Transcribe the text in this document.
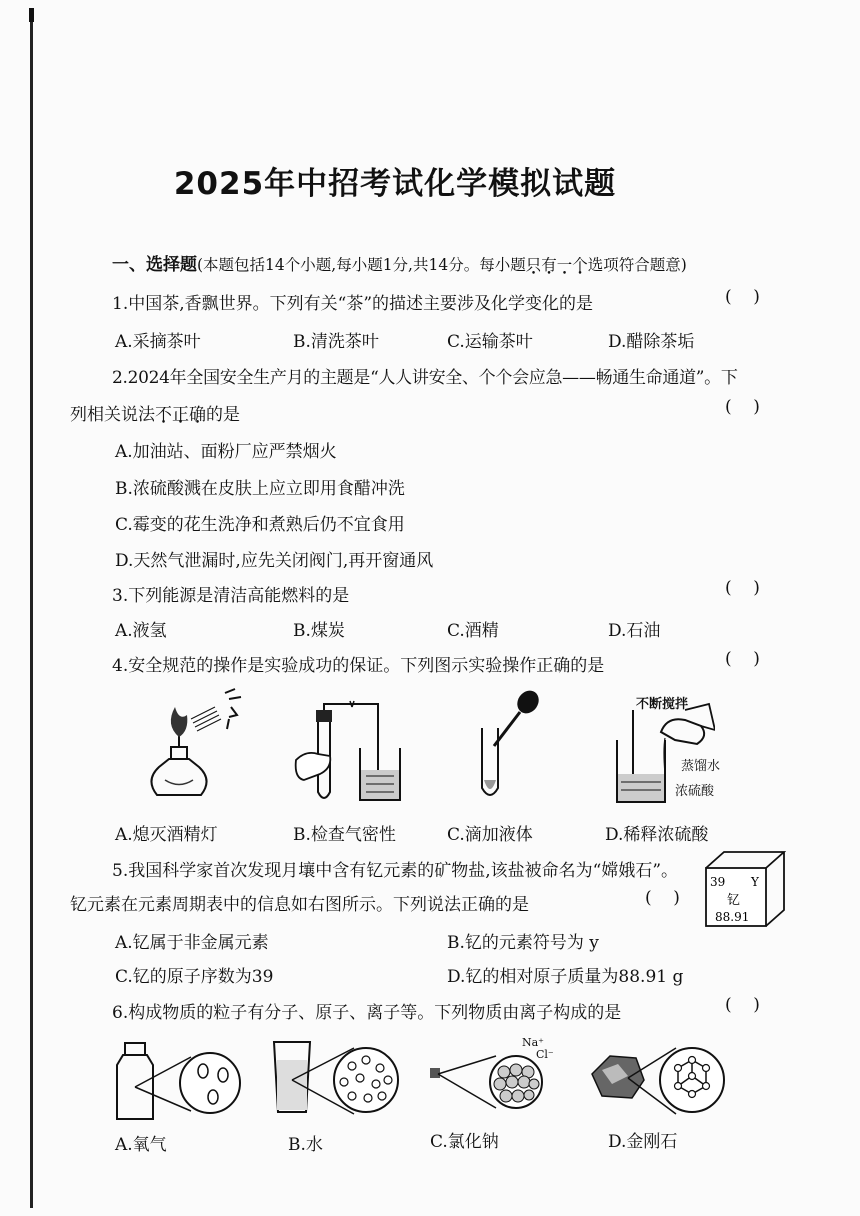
2025年中招考试化学模拟试题
一、选择题(本题包括14个小题,每小题1分,共14分。每小题只有一个选项符合题意)
1.中国茶,香飘世界。下列有关“茶”的描述主要涉及化学变化的是	(    )
A.采摘茶叶	B.清洗茶叶	C.运输茶叶	D.醋除茶垢
2.2024年全国安全生产月的主题是“人人讲安全、个个会应急——畅通生命通道”。下
列相关说法不正确的是	(    )
A.加油站、面粉厂应严禁烟火
B.浓硫酸溅在皮肤上应立即用食醋冲洗
C.霉变的花生洗净和煮熟后仍不宜食用
D.天然气泄漏时,应先关闭阀门,再开窗通风
3.下列能源是清洁高能燃料的是	(    )
A.液氢	B.煤炭	C.酒精	D.石油
4.安全规范的操作是实验成功的保证。下列图示实验操作正确的是	(    )
不断搅拌
蒸馏水
浓硫酸
A.熄灭酒精灯	B.检查气密性	C.滴加液体	D.稀释浓硫酸
5.我国科学家首次发现月壤中含有钇元素的矿物盐,该盐被命名为“嫦娥石”。
钇元素在元素周期表中的信息如右图所示。下列说法正确的是	(    )
39 Y
钇
88.91
A.钇属于非金属元素	B.钇的元素符号为 y
C.钇的原子序数为39	D.钇的相对原子质量为88.91 g
6.构成物质的粒子有分子、原子、离子等。下列物质由离子构成的是	(    )
Na⁺
Cl⁻
A.氧气	B.水	C.氯化钠	D.金刚石
